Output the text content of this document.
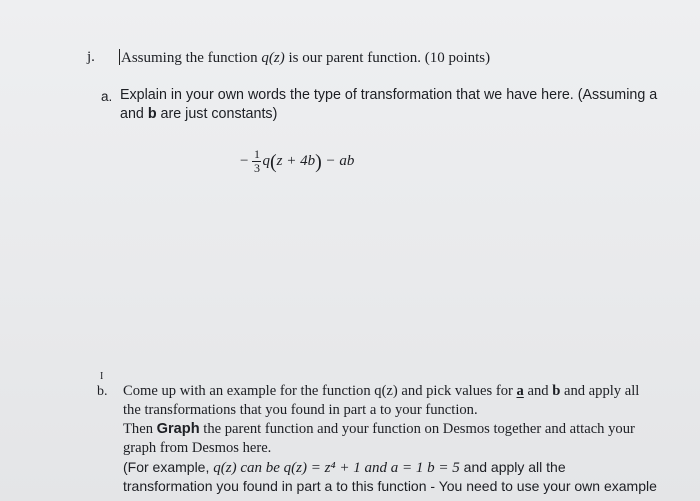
j. Assuming the function q(z) is our parent function. (10 points)
a. Explain in your own words the type of transformation that we have here. (Assuming a
and b are just constants)
− $\frac{1}{3}$ q ( z + 4b ) − ab
I
b. Come up with an example for the function q(z) and pick values for a and b and apply all
the transformations that you found in part a to your function.
Then Graph the parent function and your function on Desmos together and attach your
graph from Desmos here.
(For example, q(z) can be q(z) = z⁴ + 1 and a = 1 b = 5 and apply all the
transformation you found in part a to this function - You need to use your own example
